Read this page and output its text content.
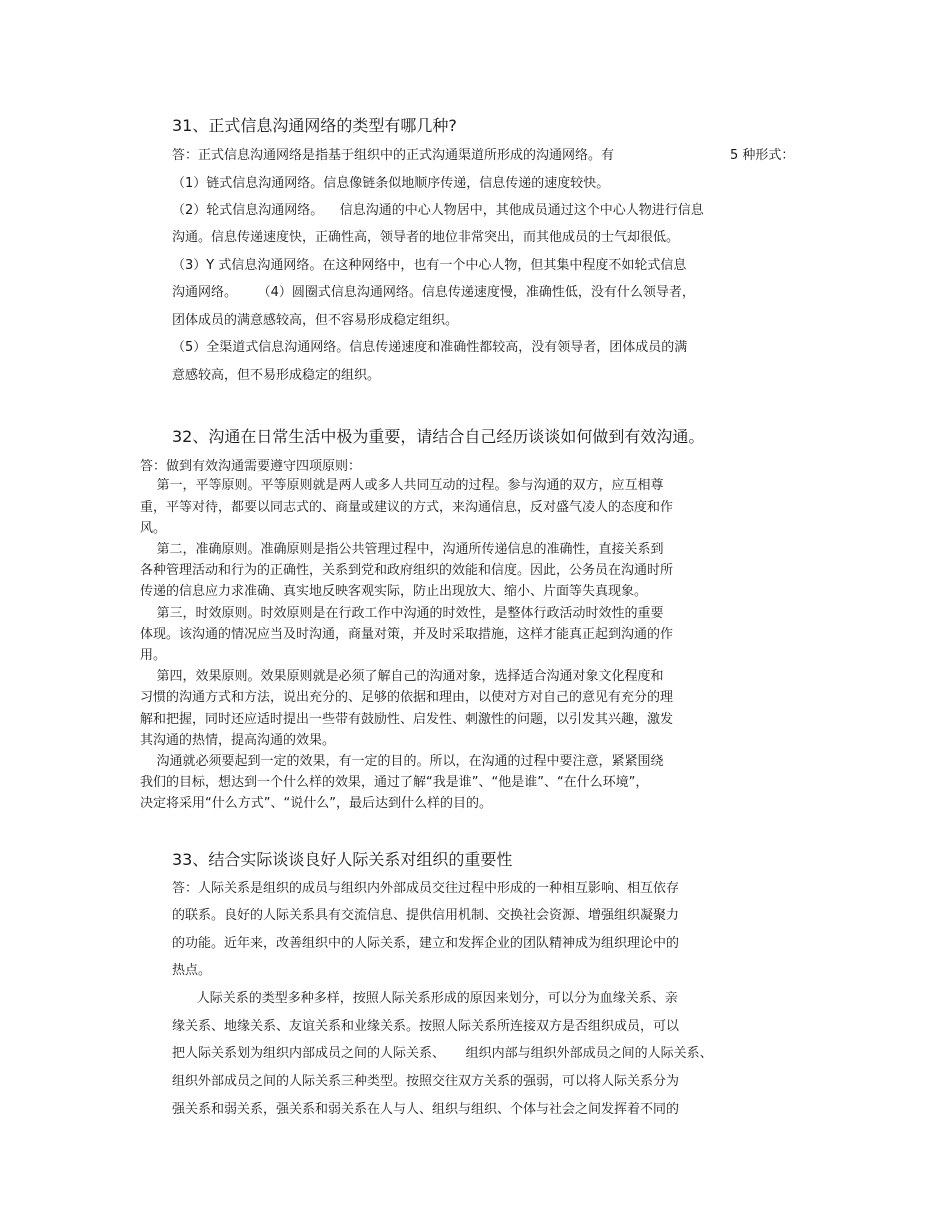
31、正式信息沟通网络的类型有哪几种?
答：正式信息沟通网络是指基于组织中的正式沟通渠道所形成的沟通网络。有	5 种形式：
（1）链式信息沟通网络。信息像链条似地顺序传递，信息传递的速度较快。
（2）轮式信息沟通网络。    信息沟通的中心人物居中，其他成员通过这个中心人物进行信息
沟通。信息传递速度快，正确性高，领导者的地位非常突出，而其他成员的士气却很低。
（3）Y 式信息沟通网络。在这种网络中，也有一个中心人物，但其集中程度不如轮式信息
沟通网络。     （4）圆圈式信息沟通网络。信息传递速度慢，准确性低，没有什么领导者，
团体成员的满意感较高，但不容易形成稳定组织。
（5）全渠道式信息沟通网络。信息传递速度和准确性都较高，没有领导者，团体成员的满
意感较高，但不易形成稳定的组织。
32、沟通在日常生活中极为重要，请结合自己经历谈谈如何做到有效沟通。
答：做到有效沟通需要遵守四项原则：
第一，平等原则。平等原则就是两人或多人共同互动的过程。参与沟通的双方，应互相尊
重，平等对待，都要以同志式的、商量或建议的方式，来沟通信息，反对盛气凌人的态度和作
风。
第二，准确原则。准确原则是指公共管理过程中，沟通所传递信息的准确性，直接关系到
各种管理活动和行为的正确性，关系到党和政府组织的效能和信度。因此，公务员在沟通时所
传递的信息应力求准确、真实地反映客观实际，防止出现放大、缩小、片面等失真现象。
第三，时效原则。时效原则是在行政工作中沟通的时效性，是整体行政活动时效性的重要
体现。该沟通的情况应当及时沟通，商量对策，并及时采取措施，这样才能真正起到沟通的作
用。
第四，效果原则。效果原则就是必须了解自己的沟通对象，选择适合沟通对象文化程度和
习惯的沟通方式和方法，说出充分的、足够的依据和理由，以使对方对自己的意见有充分的理
解和把握，同时还应适时提出一些带有鼓励性、启发性、刺激性的问题，以引发其兴趣，激发
其沟通的热情，提高沟通的效果。
沟通就必须要起到一定的效果，有一定的目的。所以，在沟通的过程中要注意，紧紧围绕
我们的目标，想达到一个什么样的效果，通过了解“我是谁”、“他是谁”、“在什么环境”，
决定将采用“什么方式”、“说什么”，最后达到什么样的目的。
33、结合实际谈谈良好人际关系对组织的重要性
答：人际关系是组织的成员与组织内外部成员交往过程中形成的一种相互影响、相互依存
的联系。良好的人际关系具有交流信息、提供信用机制、交换社会资源、增强组织凝聚力
的功能。近年来，改善组织中的人际关系，建立和发挥企业的团队精神成为组织理论中的
热点。
人际关系的类型多种多样，按照人际关系形成的原因来划分，可以分为血缘关系、亲
缘关系、地缘关系、友谊关系和业缘关系。按照人际关系所连接双方是否组织成员，可以
把人际关系划为组织内部成员之间的人际关系、     组织内部与组织外部成员之间的人际关系、
组织外部成员之间的人际关系三种类型。按照交往双方关系的强弱，可以将人际关系分为
强关系和弱关系，强关系和弱关系在人与人、组织与组织、个体与社会之间发挥着不同的
